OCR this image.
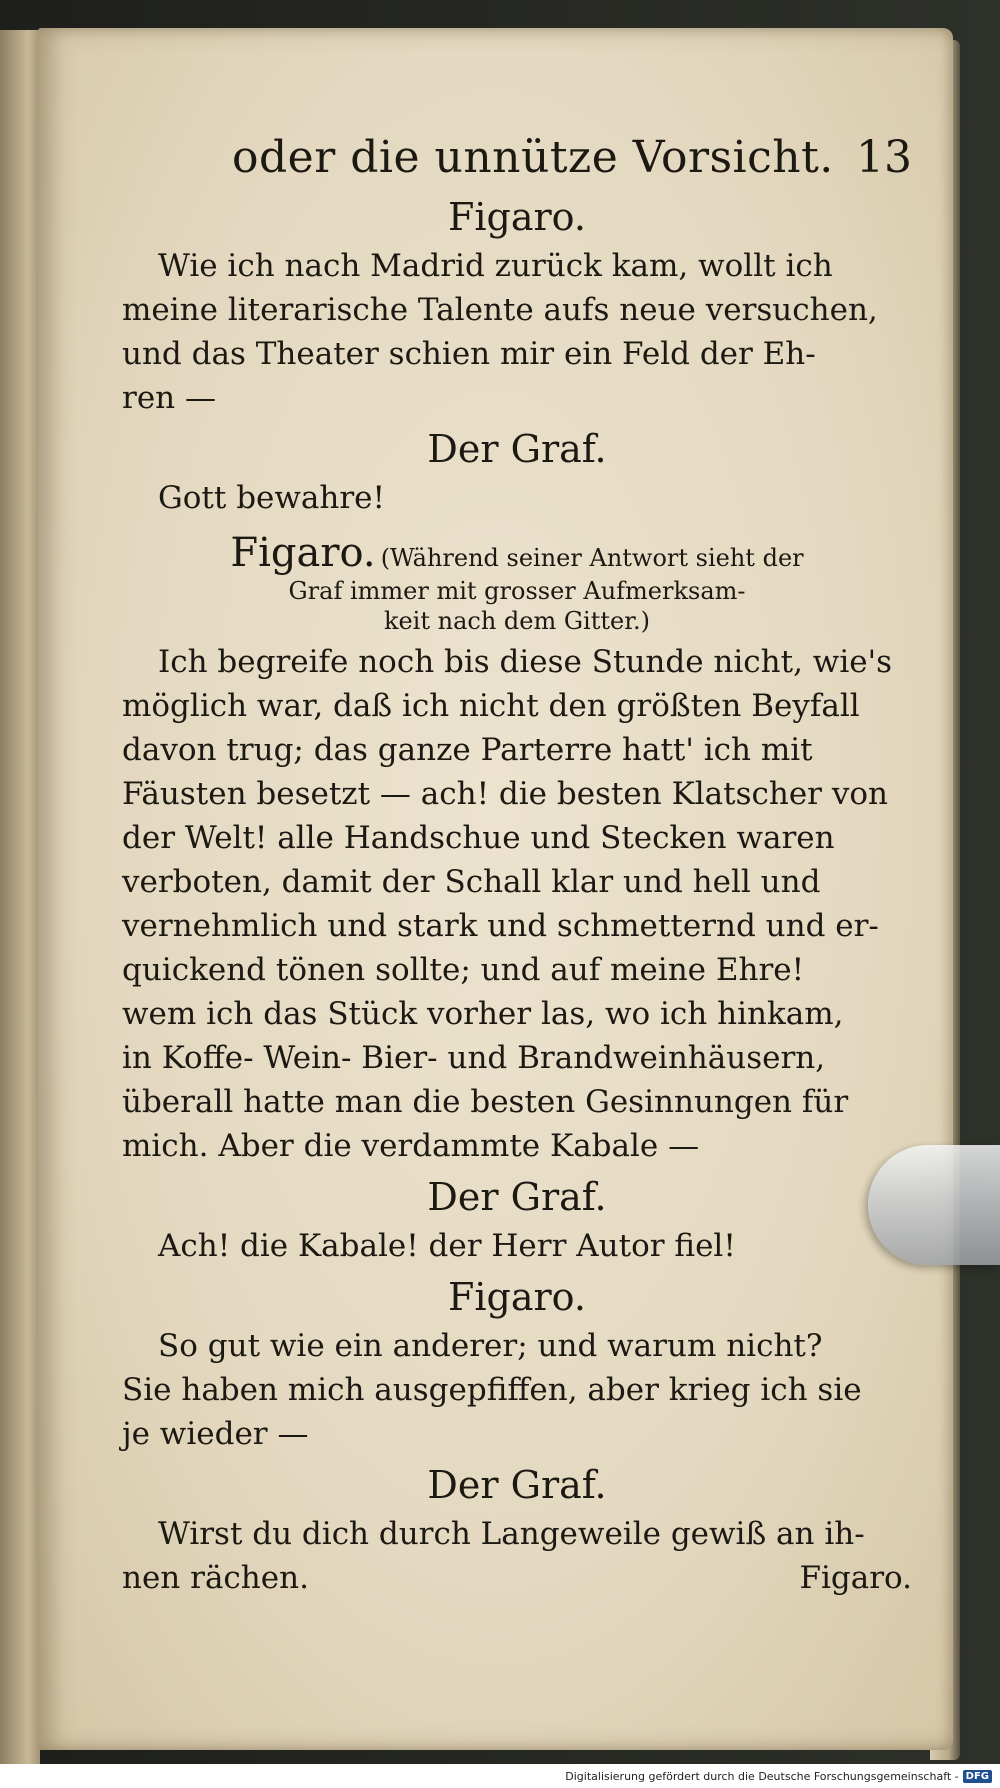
oder die unnütze Vorsicht. 13
Figaro.
Wie ich nach Madrid zurück kam, wollt ich
meine literarische Talente aufs neue versuchen,
und das Theater schien mir ein Feld der Eh-
ren —
Der Graf.
Gott bewahre!
Figaro. (Während seiner Antwort sieht der
Graf immer mit grosser Aufmerksam-
keit nach dem Gitter.)
Ich begreife noch bis diese Stunde nicht, wie's
möglich war, daß ich nicht den größten Beyfall
davon trug; das ganze Parterre hatt' ich mit
Fäusten besetzt — ach! die besten Klatscher von
der Welt! alle Handschue und Stecken waren
verboten, damit der Schall klar und hell und
vernehmlich und stark und schmetternd und er-
quickend tönen sollte; und auf meine Ehre!
wem ich das Stück vorher las, wo ich hinkam,
in Koffe- Wein- Bier- und Brandweinhäusern,
überall hatte man die besten Gesinnungen für
mich. Aber die verdammte Kabale —
Der Graf.
Ach! die Kabale! der Herr Autor fiel!
Figaro.
So gut wie ein anderer; und warum nicht?
Sie haben mich ausgepfiffen, aber krieg ich sie
je wieder —
Der Graf.
Wirst du dich durch Langeweile gewiß an ih-
nen rächen.	Figaro.
Digitalisierung gefördert durch die Deutsche Forschungsgemeinschaft - DFG
